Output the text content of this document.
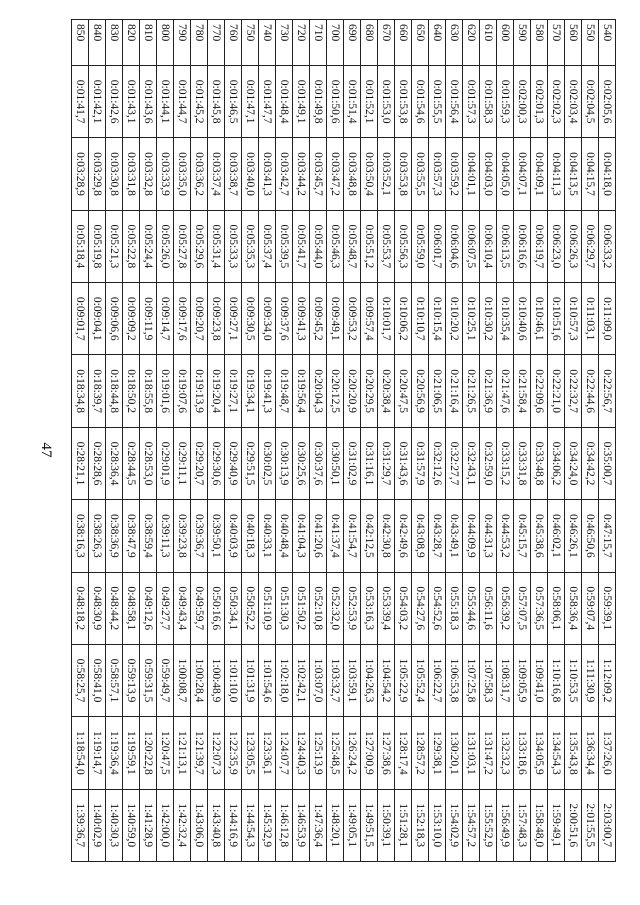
47
540	0:02:05,6	0:04:18,0	0:06:33,2	0:11:09,0	0:22:56,7	0:35:00,7	0:47:15,7	0:59:39,1	1:12:09,2	1:37:26,0	2:03:00,7
550	0:02:04,5	0:04:15,7	0:06:29,7	0:11:03,1	0:22:44,6	0:34:42,2	0:46:50,6	0:59:07,4	1:11:30,9	1:36:34,4	2:01:55,5
560	0:02:03,4	0:04:13,5	0:06:26,3	0:10:57,3	0:22:32,7	0:34:24,0	0:46:26,1	0:58:36,4	1:10:53,5	1:35:43,8	2:00:51,6
570	0:02:02,3	0:04:11,3	0:06:23,0	0:10:51,6	0:22:21,0	0:34:06,2	0:46:02,1	0:58:06,1	1:10:16,8	1:34:54,3	1:59:49,1
580	0:02:01,3	0:04:09,1	0:06:19,7	0:10:46,1	0:22:09,6	0:33:48,8	0:45:38,6	0:57:36,5	1:09:41,0	1:34:05,9	1:58:48,0
590	0:02:00,3	0:04:07,1	0:06:16,6	0:10:40,6	0:21:58,4	0:33:31,8	0:45:15,7	0:57:07,5	1:09:05,9	1:33:18,6	1:57:48,3
600	0:01:59,3	0:04:05,0	0:06:13,5	0:10:35,4	0:21:47,6	0:33:15,2	0:44:53,2	0:56:39,2	1:08:31,7	1:32:32,3	1:56:49,9
610	0:01:58,3	0:04:03,0	0:06:10,4	0:10:30,2	0:21:36,9	0:32:59,0	0:44:31,3	0:56:11,6	1:07:58,3	1:31:47,2	1:55:52,9
620	0:01:57,3	0:04:01,1	0:06:07,5	0:10:25,1	0:21:26,5	0:32:43,1	0:44:09,9	0:55:44,6	1:07:25,8	1:31:03,1	1:54:57,2
630	0:01:56,4	0:03:59,2	0:06:04,6	0:10:20,2	0:21:16,4	0:32:27,7	0:43:49,1	0:55:18,3	1:06:53,8	1:30:20,1	1:54:02,9
640	0:01:55,5	0:03:57,3	0:06:01,7	0:10:15,4	0:21:06,5	0:32:12,6	0:43:28,7	0:54:52,6	1:06:22,7	1:29:38,1	1:53:10,0
650	0:01:54,6	0:03:55,5	0:05:59,0	0:10:10,7	0:20:56,9	0:31:57,9	0:43:08,9	0:54:27,6	1:05:52,4	1:28:57,2	1:52:18,3
660	0:01:53,8	0:03:53,8	0:05:56,3	0:10:06,2	0:20:47,5	0:31:43,6	0:42:49,6	0:54:03,2	1:05:22,9	1:28:17,4	1:51:28,1
670	0:01:53,0	0:03:52,1	0:05:53,7	0:10:01,7	0:20:38,4	0:31:29,7	0:42:30,8	0:53:39,4	1:04:54,2	1:27:38,6	1:50:39,1
680	0:01:52,1	0:03:50,4	0:05:51,2	0:09:57,4	0:20:29,5	0:31:16,1	0:42:12,5	0:53:16,3	1:04:26,3	1:27:00,9	1:49:51,5
690	0:01:51,4	0:03:48,8	0:05:48,7	0:09:53,2	0:20:20,9	0:31:02,9	0:41:54,7	0:52:53,9	1:03:59,1	1:26:24,2	1:49:05,1
700	0:01:50,6	0:03:47,2	0:05:46,3	0:09:49,1	0:20:12,5	0:30:50,1	0:41:37,4	0:52:32,0	1:03:32,7	1:25:48,5	1:48:20,1
710	0:01:49,8	0:03:45,7	0:05:44,0	0:09:45,2	0:20:04,3	0:30:37,6	0:41:20,6	0:52:10,8	1:03:07,0	1:25:13,9	1:47:36,4
720	0:01:49,1	0:03:44,2	0:05:41,7	0:09:41,3	0:19:56,4	0:30:25,6	0:41:04,3	0:51:50,2	1:02:42,1	1:24:40,3	1:46:53,9
730	0:01:48,4	0:03:42,7	0:05:39,5	0:09:37,6	0:19:48,7	0:30:13,9	0:40:48,4	0:51:30,3	1:02:18,0	1:24:07,7	1:46:12,8
740	0:01:47,7	0:03:41,3	0:05:37,4	0:09:34,0	0:19:41,3	0:30:02,5	0:40:33,1	0:51:10,9	1:01:54,6	1:23:36,1	1:45:32,9
750	0:01:47,1	0:03:40,0	0:05:35,3	0:09:30,5	0:19:34,1	0:29:51,5	0:40:18,3	0:50:52,2	1:01:31,9	1:23:05,5	1:44:54,3
760	0:01:46,5	0:03:38,7	0:05:33,3	0:09:27,1	0:19:27,1	0:29:40,9	0:40:03,9	0:50:34,1	1:01:10,0	1:22:35,9	1:44:16,9
770	0:01:45,8	0:03:37,4	0:05:31,4	0:09:23,8	0:19:20,4	0:29:30,6	0:39:50,1	0:50:16,6	1:00:48,9	1:22:07,3	1:43:40,8
780	0:01:45,2	0:03:36,2	0:05:29,6	0:09:20,7	0:19:13,9	0:29:20,7	0:39:36,7	0:49:59,7	1:00:28,4	1:21:39,7	1:43:06,0
790	0:01:44,7	0:03:35,0	0:05:27,8	0:09:17,6	0:19:07,6	0:29:11,1	0:39:23,8	0:49:43,4	1:00:08,7	1:21:13,1	1:42:32,4
800	0:01:44,1	0:03:33,9	0:05:26,0	0:09:14,7	0:19:01,6	0:29:01,9	0:39:11,3	0:49:27,7	0:59:49,7	1:20:47,5	1:42:00,0
810	0:01:43,6	0:03:32,8	0:05:24,4	0:09:11,9	0:18:55,8	0:28:53,0	0:38:59,4	0:49:12,6	0:59:31,5	1:20:22,8	1:41:28,9
820	0:01:43,1	0:03:31,8	0:05:22,8	0:09:09,2	0:18:50,2	0:28:44,5	0:38:47,9	0:48:58,1	0:59:13,9	1:19:59,1	1:40:59,0
830	0:01:42,6	0:03:30,8	0:05:21,3	0:09:06,6	0:18:44,8	0:28:36,4	0:38:36,9	0:48:44,2	0:58:57,1	1:19:36,4	1:40:30,3
840	0:01:42,1	0:03:29,8	0:05:19,8	0:09:04,1	0:18:39,7	0:28:28,6	0:38:26,3	0:48:30,9	0:58:41,0	1:19:14,7	1:40:02,9
850	0:01:41,7	0:03:28,9	0:05:18,4	0:09:01,7	0:18:34,8	0:28:21,1	0:38:16,3	0:48:18,2	0:58:25,7	1:18:54,0	1:39:36,7
